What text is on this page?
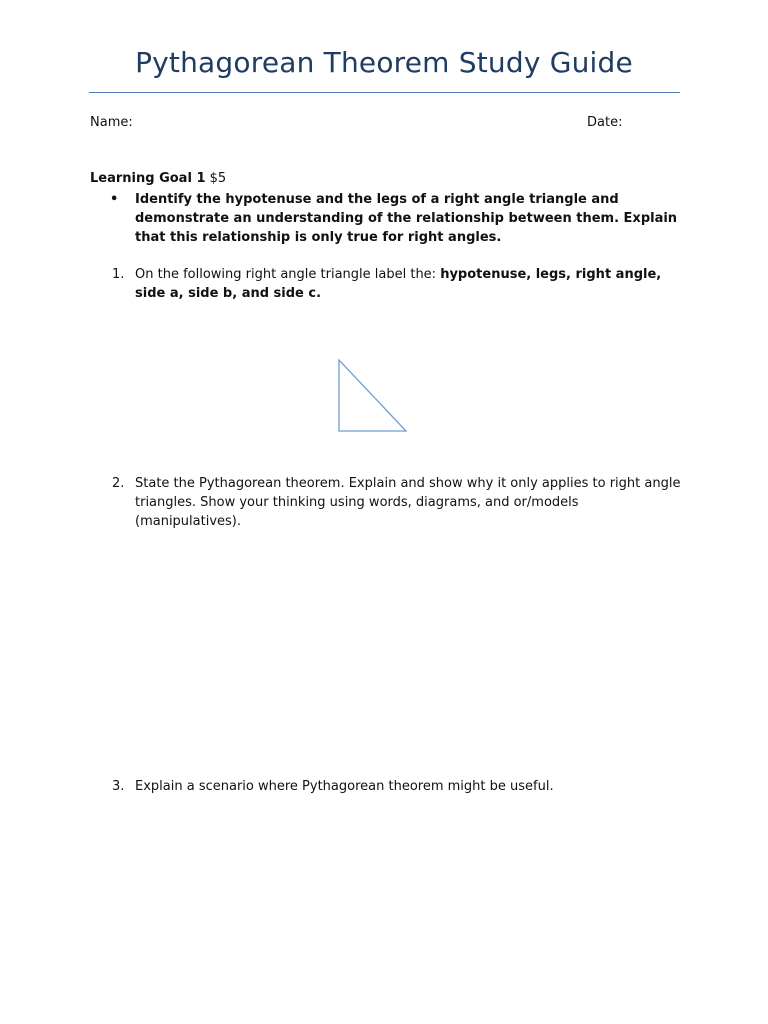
Pythagorean Theorem Study Guide
Name:	Date:
Learning Goal 1 $5
• Identify the hypotenuse and the legs of a right angle triangle and demonstrate an understanding of the relationship between them. Explain that this relationship is only true for right angles.
1. On the following right angle triangle label the: hypotenuse, legs, right angle, side a, side b, and side c.
2. State the Pythagorean theorem. Explain and show why it only applies to right angle triangles. Show your thinking using words, diagrams, and or/models (manipulatives).
3. Explain a scenario where Pythagorean theorem might be useful.
